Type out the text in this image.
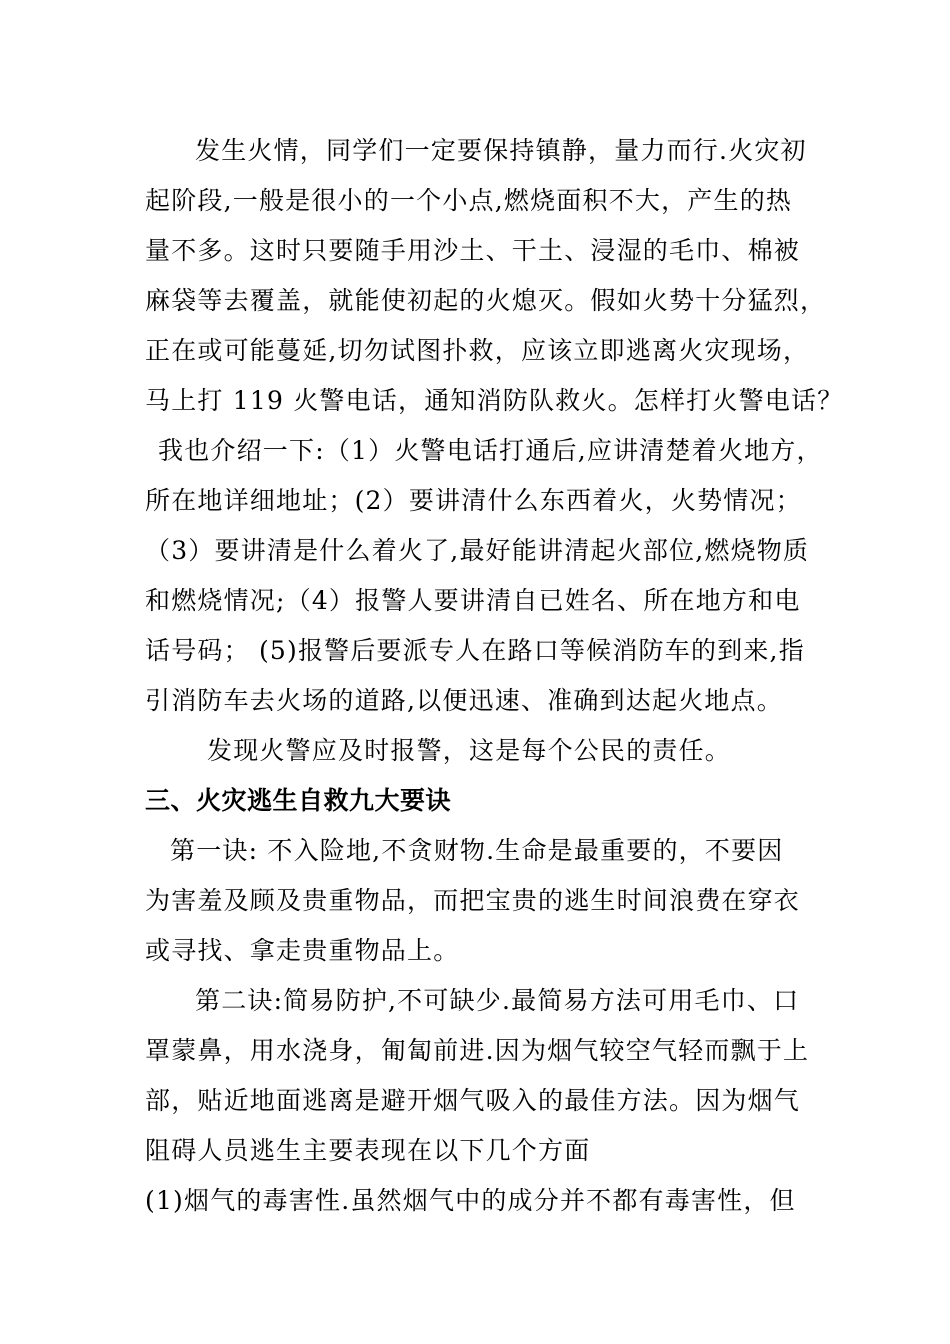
发生火情，同学们一定要保持镇静，量力而行.火灾初
起阶段,一般是很小的一个小点,燃烧面积不大，产生的热
量不多。这时只要随手用沙土、干土、浸湿的毛巾、棉被
麻袋等去覆盖，就能使初起的火熄灭。假如火势十分猛烈，
正在或可能蔓延,切勿试图扑救，应该立即逃离火灾现场，
马上打 119 火警电话，通知消防队救火。怎样打火警电话？
我也介绍一下:（1）火警电话打通后,应讲清楚着火地方，
所在地详细地址；(2）要讲清什么东西着火，火势情况；
（3）要讲清是什么着火了,最好能讲清起火部位,燃烧物质
和燃烧情况;（4）报警人要讲清自已姓名、所在地方和电
话号码； (5)报警后要派专人在路口等候消防车的到来,指
引消防车去火场的道路,以便迅速、准确到达起火地点。
发现火警应及时报警，这是每个公民的责任。
三、火灾逃生自救九大要诀
第一诀: 不入险地,不贪财物.生命是最重要的，不要因
为害羞及顾及贵重物品，而把宝贵的逃生时间浪费在穿衣
或寻找、拿走贵重物品上。
第二诀:简易防护,不可缺少.最简易方法可用毛巾、口
罩蒙鼻，用水浇身，匍匐前进.因为烟气较空气轻而飘于上
部，贴近地面逃离是避开烟气吸入的最佳方法。因为烟气
阻碍人员逃生主要表现在以下几个方面
(1)烟气的毒害性.虽然烟气中的成分并不都有毒害性，但
